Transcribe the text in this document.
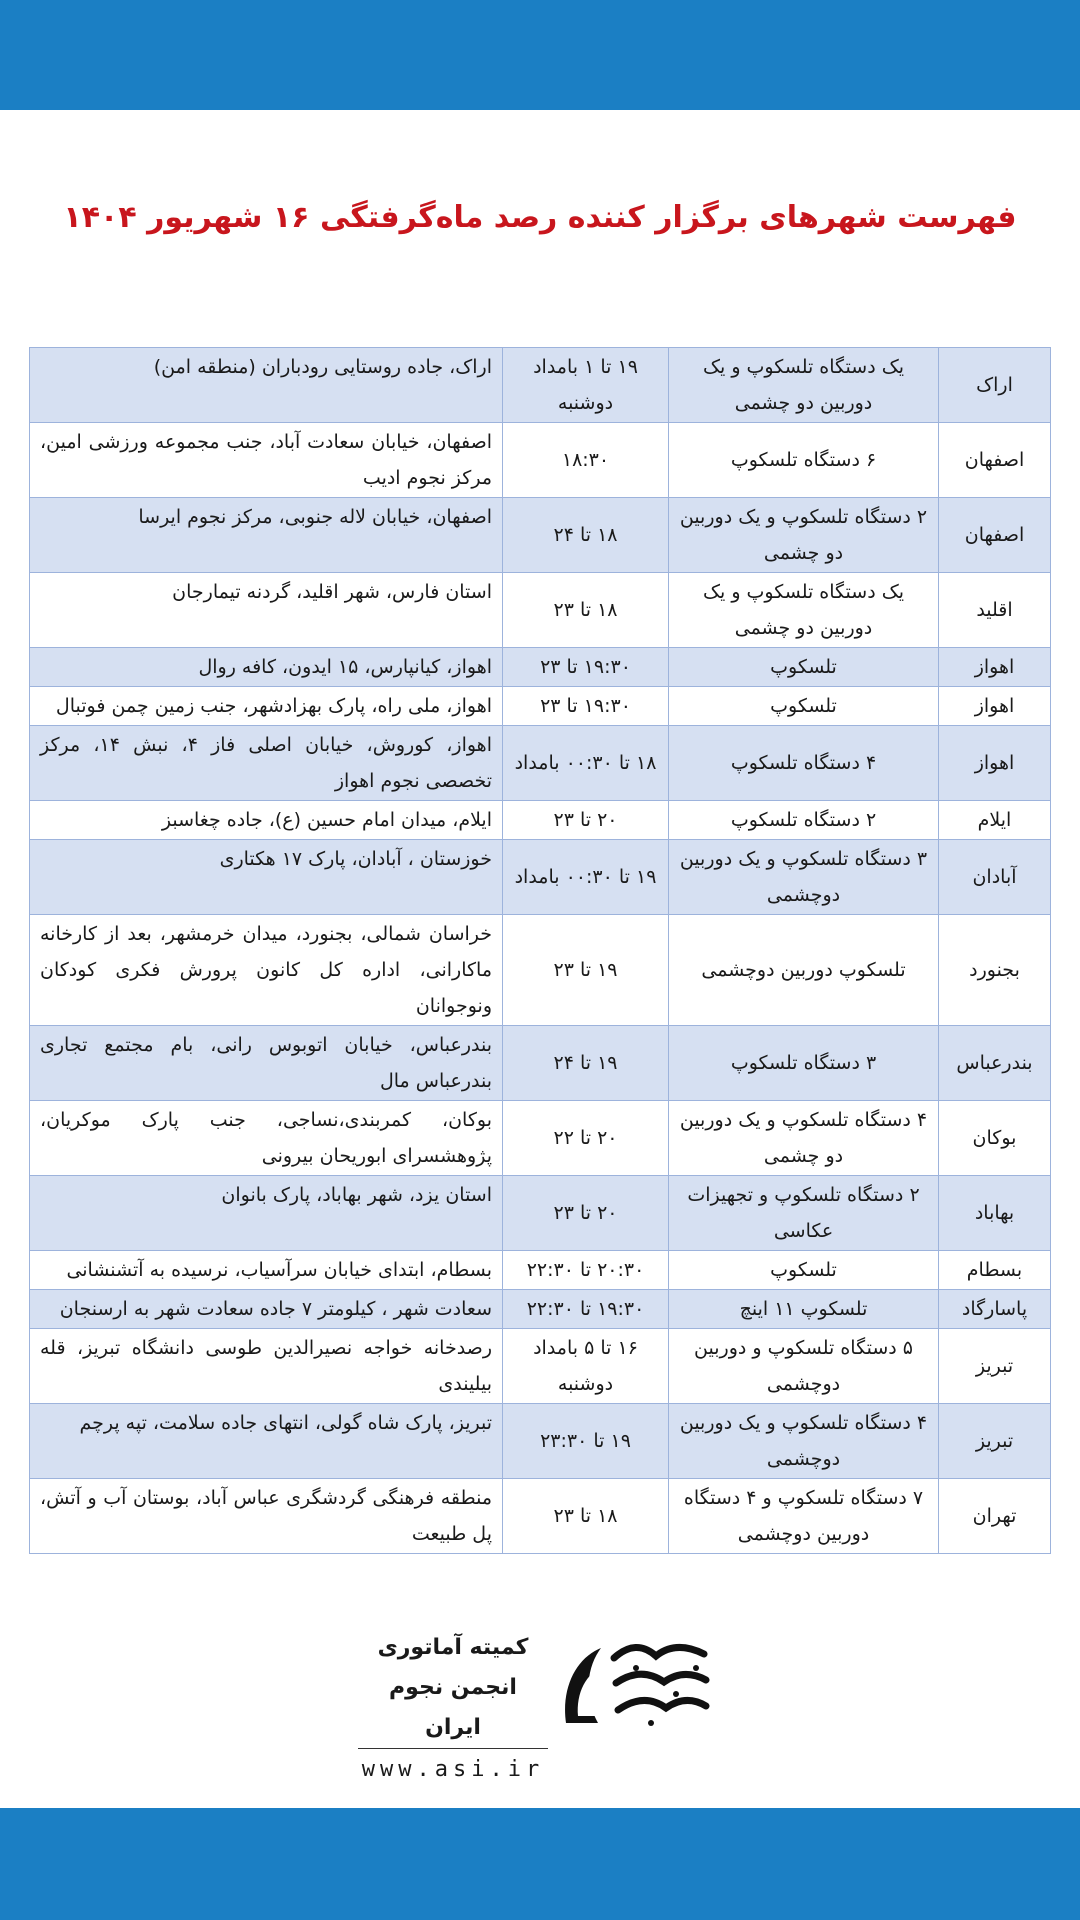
فهرست شهرهای برگزار کننده رصد ماه‌گرفتگی ۱۶ شهریور ۱۴۰۴
اراک	یک دستگاه تلسکوپ و یک دوربین دو چشمی	۱۹ تا ۱ بامداد دوشنبه	اراک، جاده روستایی رودباران (منطقه امن)
اصفهان	۶ دستگاه تلسکوپ	۱۸:۳۰	اصفهان، خیابان سعادت آباد، جنب مجموعه ورزشی امین، مرکز نجوم ادیب
اصفهان	۲ دستگاه تلسکوپ و یک دوربین دو چشمی	۱۸ تا ۲۴	اصفهان، خیابان لاله جنوبی، مرکز نجوم ایرسا
اقلید	یک دستگاه تلسکوپ و یک دوربین دو چشمی	۱۸ تا ۲۳	استان فارس، شهر اقلید، گردنه تیمارجان
اهواز	تلسکوپ	۱۹:۳۰ تا ۲۳	اهواز، کیانپارس، ۱۵ ایدون، کافه روال
اهواز	تلسکوپ	۱۹:۳۰ تا ۲۳	اهواز، ملی راه، پارک بهزادشهر، جنب زمین چمن فوتبال
اهواز	۴ دستگاه تلسکوپ	۱۸ تا ۰۰:۳۰ بامداد	اهواز، کوروش، خیابان اصلی فاز ۴، نبش ۱۴، مرکز تخصصی نجوم اهواز
ایلام	۲ دستگاه تلسکوپ	۲۰ تا ۲۳	ایلام، میدان امام حسین (ع)، جاده چغاسبز
آبادان	۳ دستگاه تلسکوپ و یک دوربین دوچشمی	۱۹ تا ۰۰:۳۰ بامداد	خوزستان ، آبادان، پارک ۱۷ هکتاری
بجنورد	تلسکوپ دوربین دوچشمی	۱۹ تا ۲۳	خراسان شمالی، بجنورد، میدان خرمشهر، بعد از کارخانه ماکارانی، اداره کل کانون پرورش فکری کودکان ونوجوانان
بندرعباس	۳ دستگاه تلسکوپ	۱۹ تا ۲۴	بندرعباس، خیابان اتوبوس رانی، بام مجتمع تجاری بندرعباس مال
بوکان	۴ دستگاه تلسکوپ و یک دوربین دو چشمی	۲۰ تا ۲۲	بوکان، کمربندی،نساجی، جنب پارک موکریان، پژوهشسرای ابوریحان بیرونی
بهاباد	۲ دستگاه تلسکوپ و تجهیزات عکاسی	۲۰ تا ۲۳	استان یزد، شهر بهاباد، پارک بانوان
بسطام	تلسکوپ	۲۰:۳۰ تا ۲۲:۳۰	بسطام، ابتدای خیابان سرآسیاب، نرسیده به آتشنشانی
پاسارگاد	تلسکوپ ۱۱ اینچ	۱۹:۳۰ تا ۲۲:۳۰	سعادت شهر ، کیلومتر ۷ جاده سعادت شهر به ارسنجان
تبریز	۵ دستگاه تلسکوپ و دوربین دوچشمی	۱۶ تا ۵ بامداد دوشنبه	رصدخانه خواجه نصیرالدین طوسی دانشگاه تبریز، قله بیلیندی
تبریز	۴ دستگاه تلسکوپ و یک دوربین دوچشمی	۱۹ تا ۲۳:۳۰	تبریز، پارک شاه گولی، انتهای جاده سلامت، تپه پرچم
تهران	۷ دستگاه تلسکوپ و ۴ دستگاه دوربین دوچشمی	۱۸ تا ۲۳	منطقه فرهنگی گردشگری عباس آباد، بوستان آب و آتش، پل طبیعت
کمیته آماتوری
انجمن نجوم ایران
www.asi.ir
